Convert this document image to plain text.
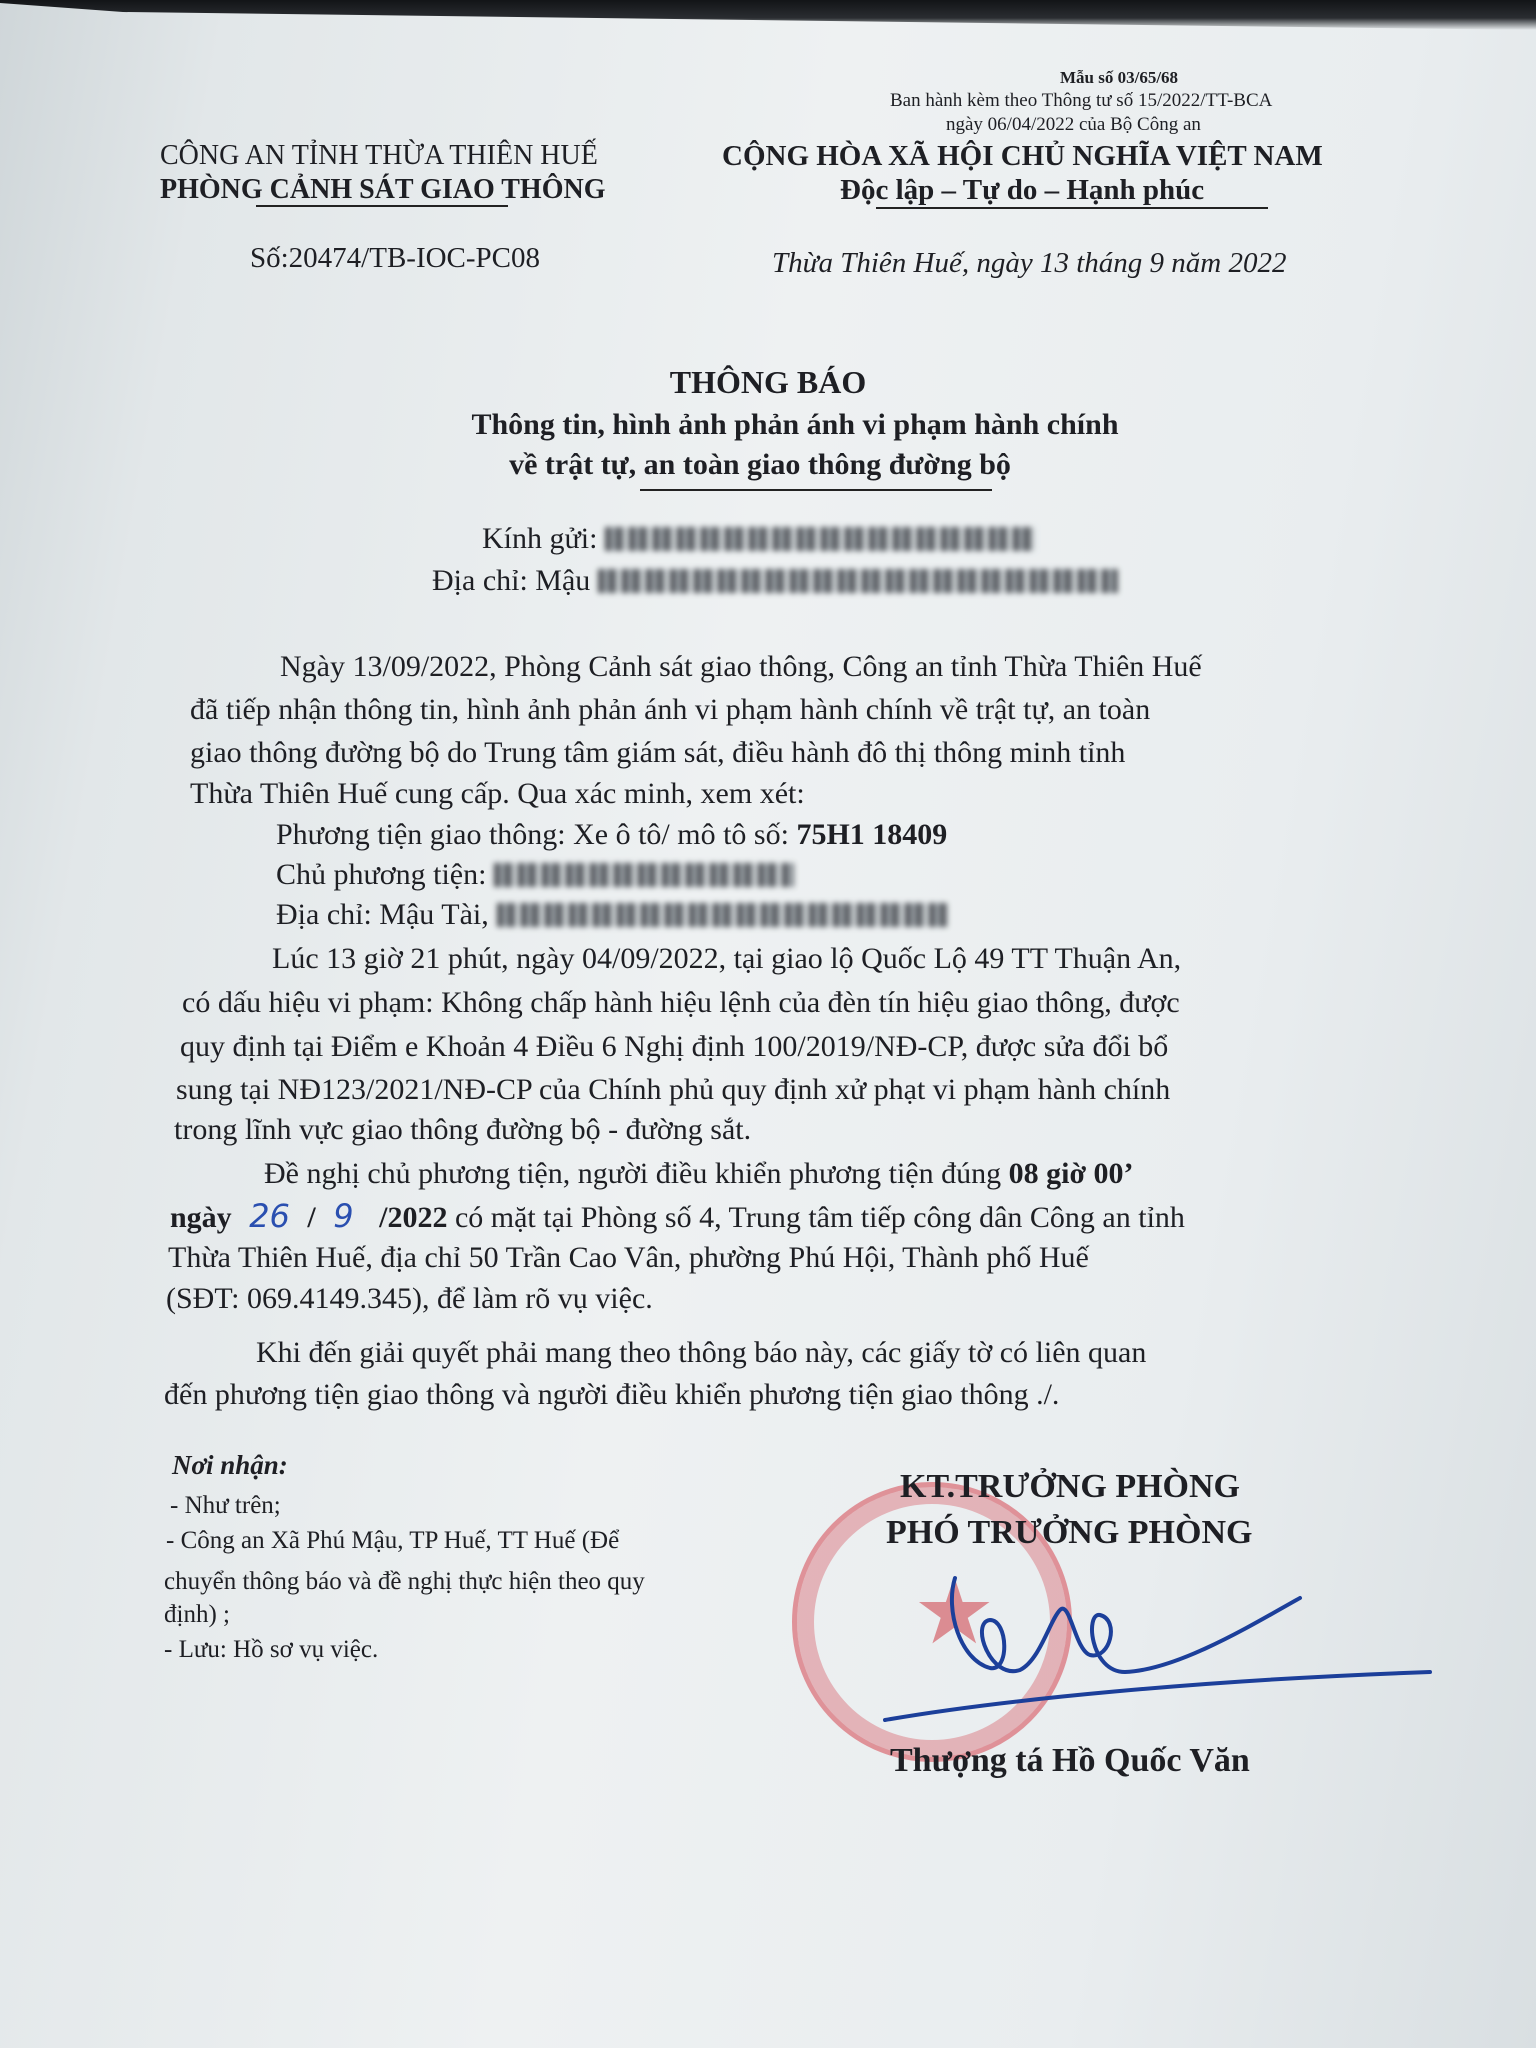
Mẫu số 03/65/68
Ban hành kèm theo Thông tư số 15/2022/TT-BCA
ngày 06/04/2022 của Bộ Công an
CÔNG AN TỈNH THỪA THIÊN HUẾ
PHÒNG CẢNH SÁT GIAO THÔNG
CỘNG HÒA XÃ HỘI CHỦ NGHĨA VIỆT NAM
Độc lập – Tự do – Hạnh phúc
Số:20474/TB-IOC-PC08	Thừa Thiên Huế, ngày 13 tháng 9 năm 2022
THÔNG BÁO
Thông tin, hình ảnh phản ánh vi phạm hành chính
về trật tự, an toàn giao thông đường bộ
Kính gửi:
Địa chỉ: Mậu
Ngày 13/09/2022, Phòng Cảnh sát giao thông, Công an tỉnh Thừa Thiên Huế
đã tiếp nhận thông tin, hình ảnh phản ánh vi phạm hành chính về trật tự, an toàn
giao thông đường bộ do Trung tâm giám sát, điều hành đô thị thông minh tỉnh
Thừa Thiên Huế cung cấp. Qua xác minh, xem xét:
Phương tiện giao thông: Xe ô tô/ mô tô số: 75H1 18409
Chủ phương tiện:
Địa chỉ: Mậu Tài,
Lúc 13 giờ 21 phút, ngày 04/09/2022, tại giao lộ Quốc Lộ 49 TT Thuận An,
có dấu hiệu vi phạm: Không chấp hành hiệu lệnh của đèn tín hiệu giao thông, được
quy định tại Điểm e Khoản 4 Điều 6 Nghị định 100/2019/NĐ-CP, được sửa đổi bổ
sung tại NĐ123/2021/NĐ-CP của Chính phủ quy định xử phạt vi phạm hành chính
trong lĩnh vực giao thông đường bộ - đường sắt.
Đề nghị chủ phương tiện, người điều khiển phương tiện đúng 08 giờ 00’
ngày 26 / 9 /2022 có mặt tại Phòng số 4, Trung tâm tiếp công dân Công an tỉnh
Thừa Thiên Huế, địa chỉ 50 Trần Cao Vân, phường Phú Hội, Thành phố Huế
(SĐT: 069.4149.345), để làm rõ vụ việc.
Khi đến giải quyết phải mang theo thông báo này, các giấy tờ có liên quan
đến phương tiện giao thông và người điều khiển phương tiện giao thông ./.
Nơi nhận:
- Như trên;
- Công an Xã Phú Mậu, TP Huế, TT Huế (Để
chuyển thông báo và đề nghị thực hiện theo quy
định) ;
- Lưu: Hồ sơ vụ việc.	★
KT.TRƯỞNG PHÒNG
PHÓ TRƯỞNG PHÒNG
Thượng tá Hồ Quốc Văn
